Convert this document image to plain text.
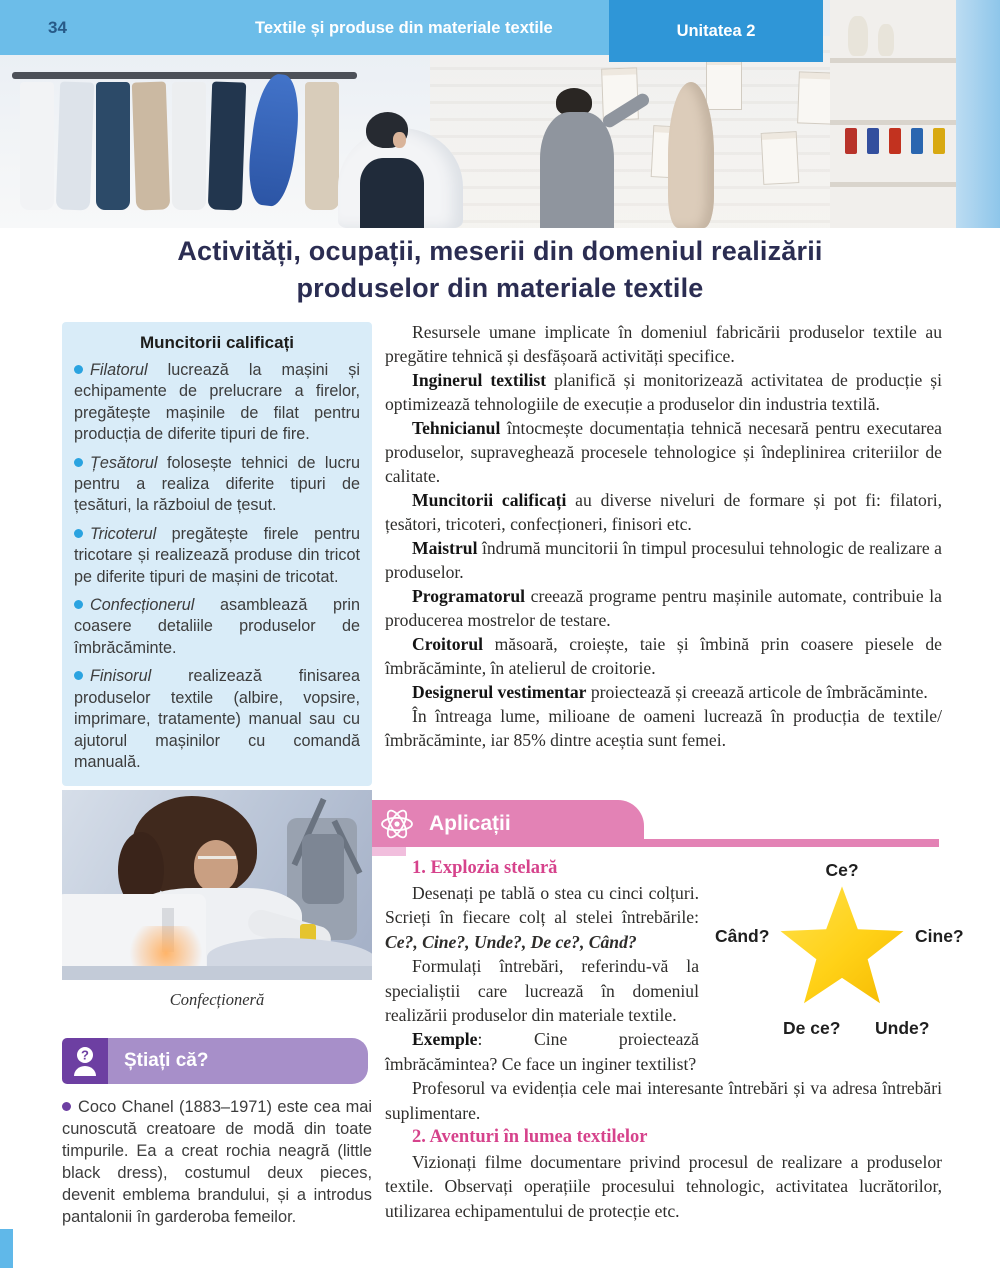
34	Textile și produse din materiale textile	Unitatea 2
Activități, ocupații, meserii din domeniul realizării
produselor din materiale textile
Muncitorii calificați

Filatorul lucrează la mașini și echipamente de prelucrare a firelor, pregătește mașinile de filat pentru producția de diferite tipuri de fire.

Țesătorul folosește tehnici de lucru pentru a realiza diferite tipuri de țesături, la războiul de țesut.

Tricoterul pregătește firele pentru tricotare și realizează produse din tricot pe diferite tipuri de mașini de tricotat.

Confecționerul asamblează prin coasere detaliile produselor de îmbrăcăminte.

Finisorul realizează finisarea produselor textile (albire, vopsire, imprimare, tratamente) manual sau cu ajutorul mașinilor cu comandă manuală.

Resursele umane implicate în domeniul fabricării produselor textile au pregătire tehnică și desfășoară activități specifice.

Inginerul textilist planifică și monitorizează activitatea de producție și optimizează tehnologiile de execuție a produselor din industria textilă.

Tehnicianul întocmește documentația tehnică necesară pentru executarea produselor, supraveghează procesele tehnologice și îndeplinirea criteriilor de calitate.

Muncitorii calificați au diverse niveluri de formare și pot fi: filatori, țesători, tricoteri, confecționeri, finisori etc.

Maistrul îndrumă muncitorii în timpul procesului tehnologic de realizare a produselor.

Programatorul creează programe pentru mașinile automate, contribuie la producerea mostrelor de testare.

Croitorul măsoară, croiește, taie și îmbină prin coasere piesele de îmbrăcăminte, în atelierul de croitorie.

Designerul vestimentar proiectează și creează articole de îmbrăcăminte.

În întreaga lume, milioane de oameni lucrează în producția de textile/îmbrăcăminte, iar 85% dintre aceștia sunt femei.

Aplicații
Ce?
Când?	Cine?
De ce? Unde?
1. Explozia stelară

Desenați pe tablă o stea cu cinci colțuri. Scrieți în fiecare colț al stelei întrebările: Ce?, Cine?, Unde?, De ce?, Când?

Formulați întrebări, referindu-vă la specialiștii care lucrează în domeniul realizării produselor din materiale textile.

Exemple: Cine proiectează îmbrăcămintea? Ce face un inginer textilist?

Profesorul va evidenția cele mai interesante întrebări și va adresa întrebări suplimentare.

2. Aventuri în lumea textilelor

Vizionați filme documentare privind procesul de realizare a produselor textile. Observați operațiile procesului tehnologic, activitatea lucrătorilor, utilizarea echipamentului de protecție etc.

Confecționeră
? Știați că?

Coco Chanel (1883–1971) este cea mai cunoscută creatoare de modă din toate timpurile. Ea a creat rochia neagră (little black dress), costumul deux pieces, devenit emblema brandului, și a introdus pantalonii în garderoba femeilor.
